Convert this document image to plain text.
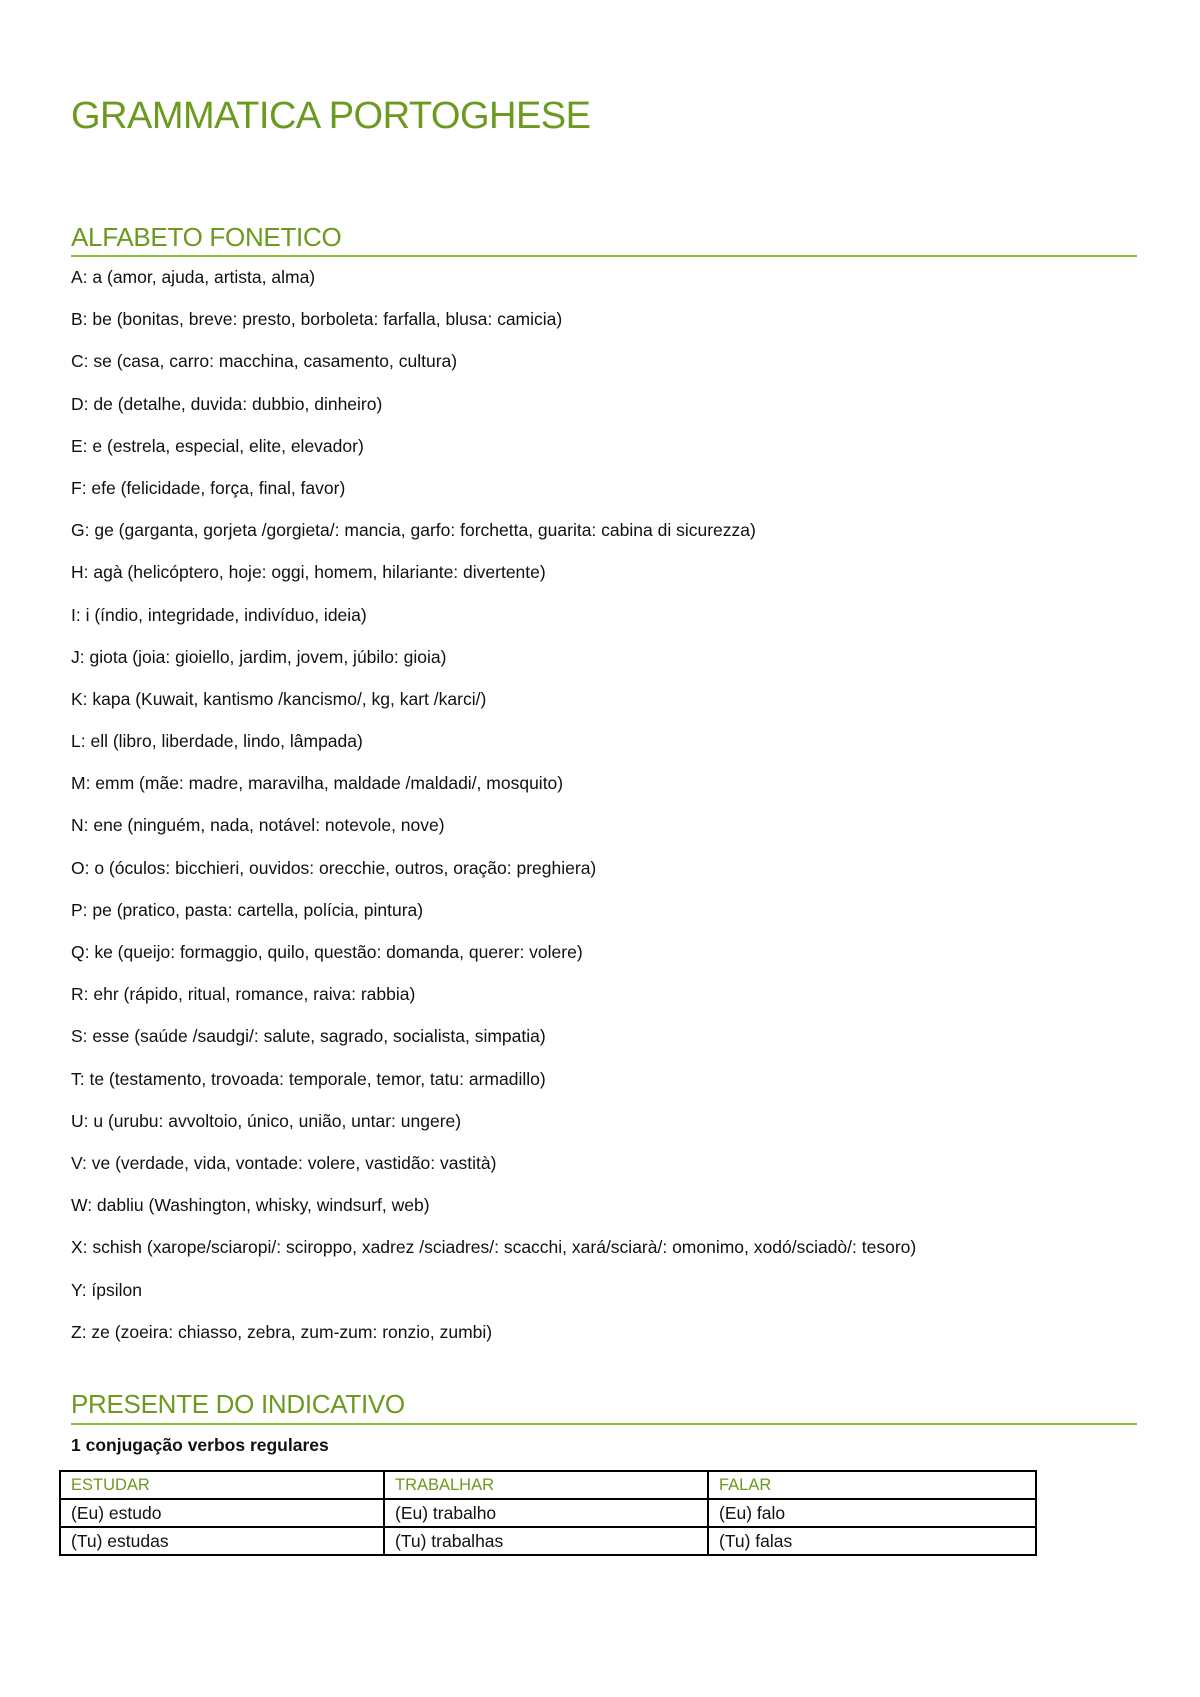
GRAMMATICA PORTOGHESE
ALFABETO FONETICO
A: a (amor, ajuda, artista, alma)
B: be (bonitas, breve: presto, borboleta: farfalla, blusa: camicia)
C: se (casa, carro: macchina, casamento, cultura)
D: de (detalhe, duvida: dubbio, dinheiro)
E: e (estrela, especial, elite, elevador)
F: efe (felicidade, força, final, favor)
G: ge (garganta, gorjeta /gorgieta/: mancia, garfo: forchetta, guarita: cabina di sicurezza)
H: agà (helicóptero, hoje: oggi, homem, hilariante: divertente)
I: i (índio, integridade, indivíduo, ideia)
J: giota (joia: gioiello, jardim, jovem, júbilo: gioia)
K: kapa (Kuwait, kantismo /kancismo/, kg, kart /karci/)
L: ell (libro, liberdade, lindo, lâmpada)
M: emm (mãe: madre, maravilha, maldade /maldadi/, mosquito)
N: ene (ninguém, nada, notável: notevole, nove)
O: o (óculos: bicchieri, ouvidos: orecchie, outros, oração: preghiera)
P: pe (pratico, pasta: cartella, polícia, pintura)
Q: ke (queijo: formaggio, quilo, questão: domanda, querer: volere)
R: ehr (rápido, ritual, romance, raiva: rabbia)
S: esse (saúde /saudgi/: salute, sagrado, socialista, simpatia)
T: te (testamento, trovoada: temporale, temor, tatu: armadillo)
U: u (urubu: avvoltoio, único, união, untar: ungere)
V: ve (verdade, vida, vontade: volere, vastidão: vastità)
W: dabliu (Washington, whisky, windsurf, web)
X: schish (xarope/sciaropi/: sciroppo, xadrez /sciadres/: scacchi, xará/sciarà/: omonimo, xodó/sciadò/: tesoro)
Y: ípsilon
Z: ze (zoeira: chiasso, zebra, zum-zum: ronzio, zumbi)
PRESENTE DO INDICATIVO

1 conjugação verbos regulares

ESTUDAR	TRABALHAR	FALAR
(Eu) estudo	(Eu) trabalho	(Eu) falo
(Tu) estudas	(Tu) trabalhas	(Tu) falas
